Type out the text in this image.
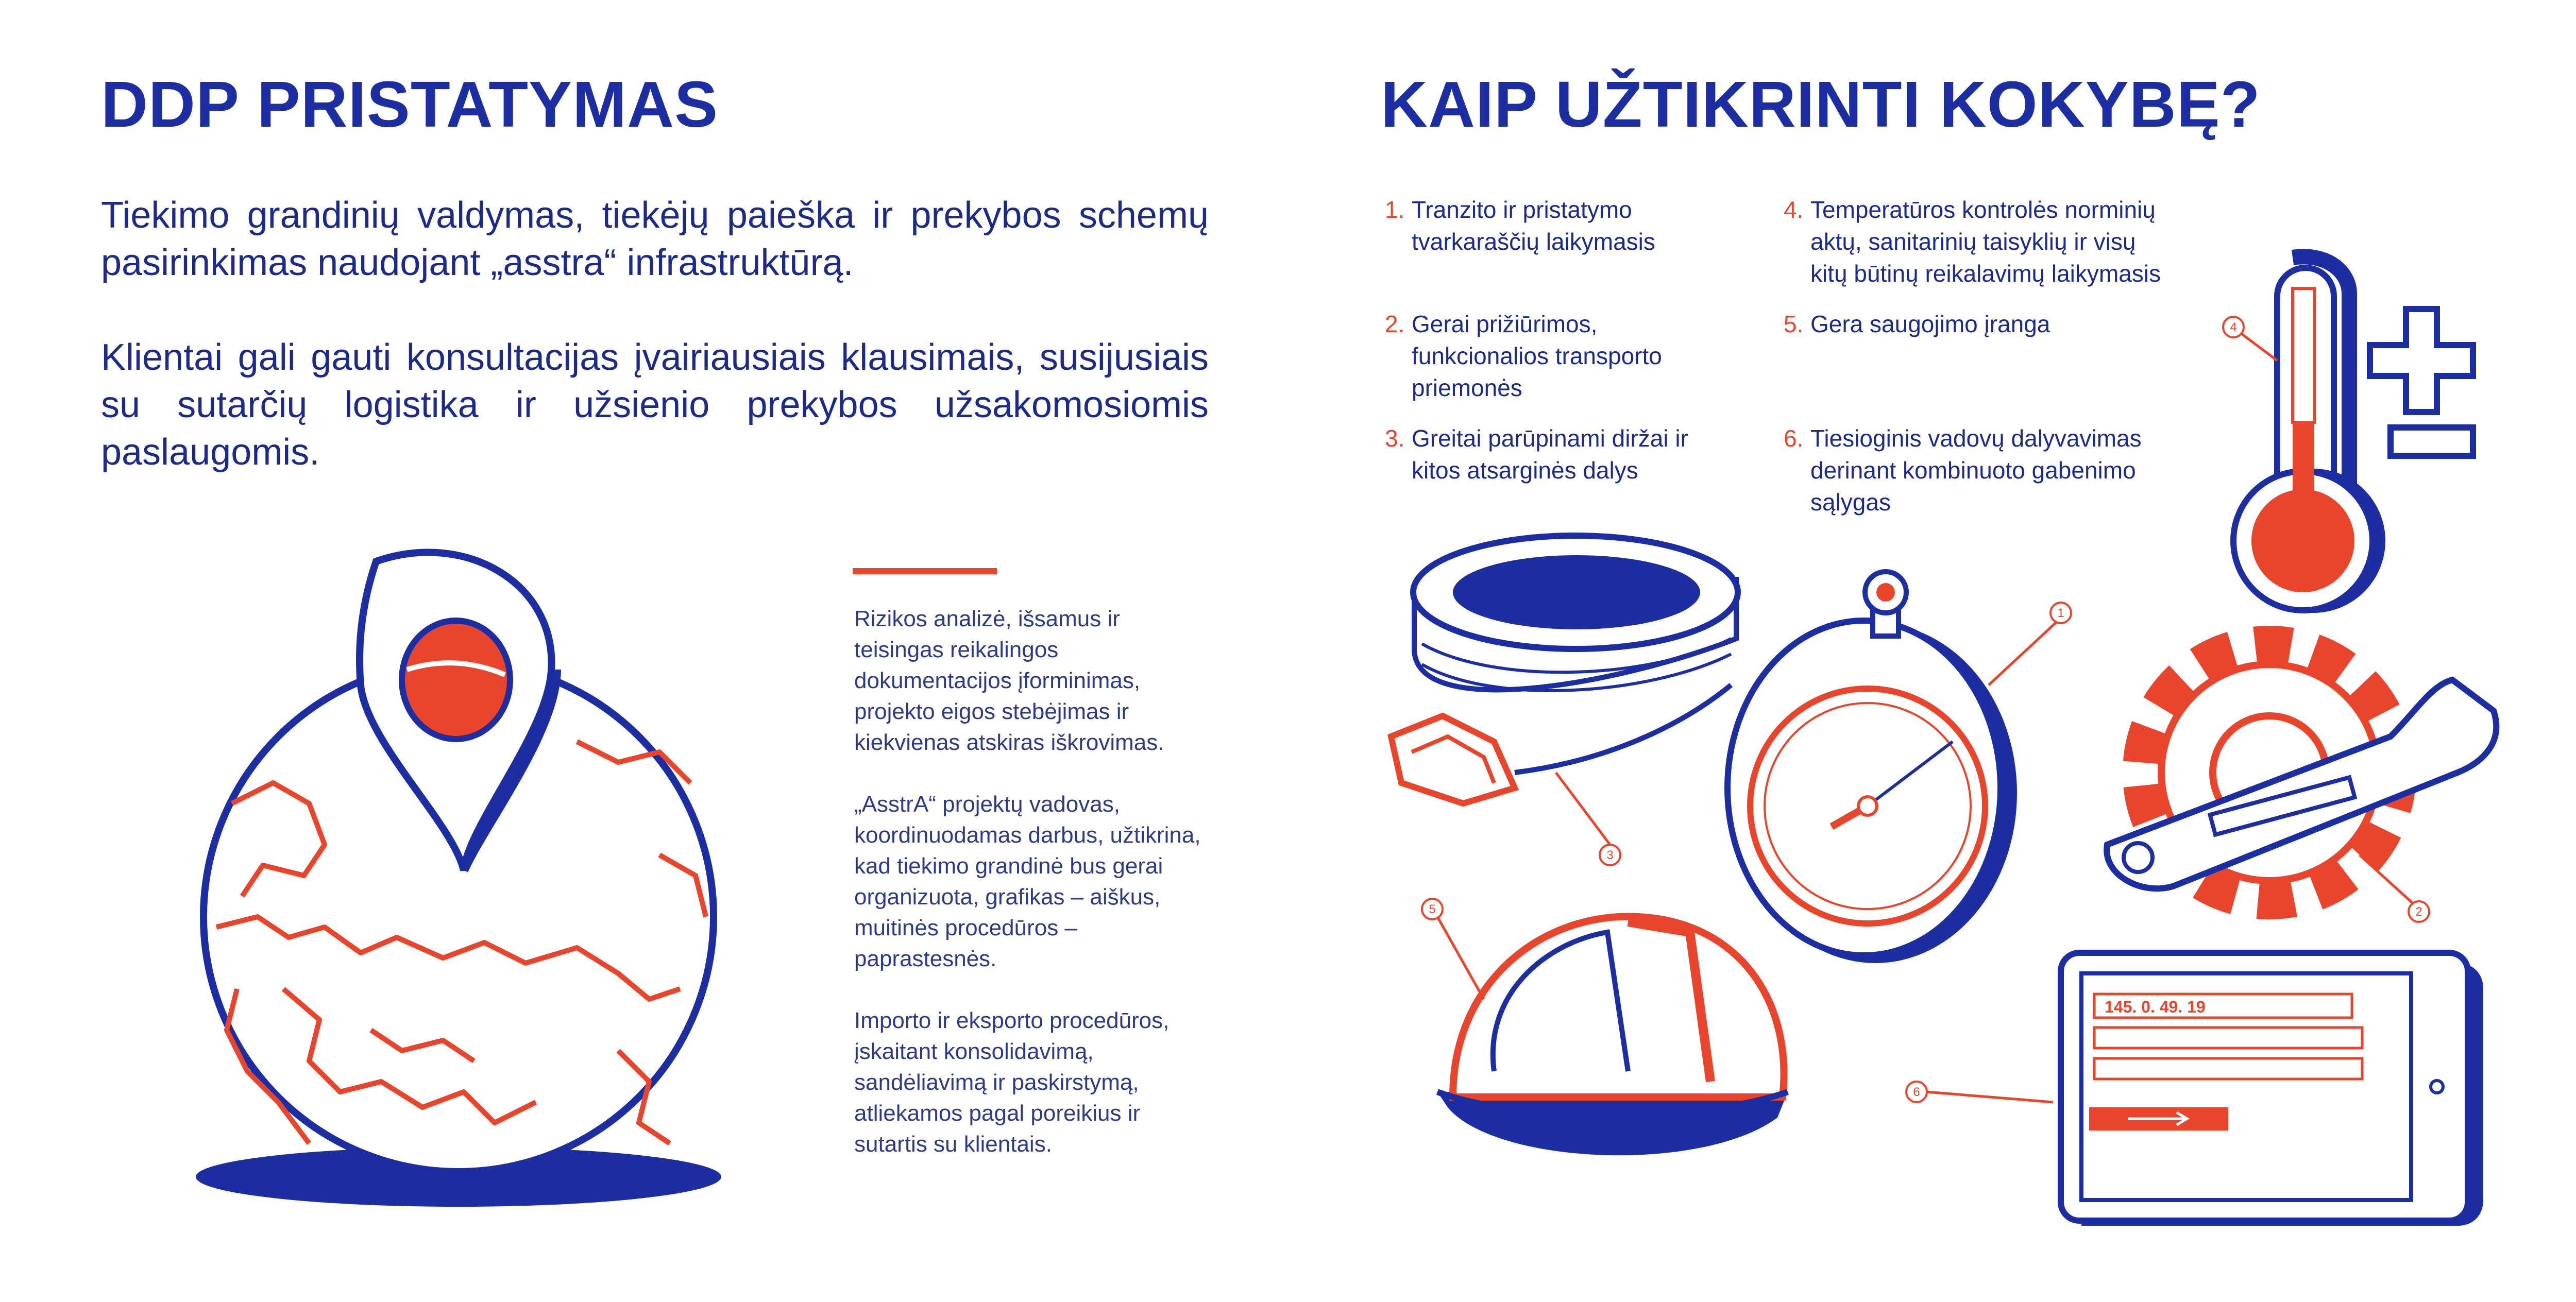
DDP PRISTATYMAS

Tiekimo grandinių valdymas, tiekėjų paieška ir prekybos schemų pasirinkimas naudojant „asstra“ infrastruktūrą.

Klientai gali gauti konsultacijas įvairiausiais klausimais, susijusiais su sutarčių logistika ir užsienio prekybos užsakomosiomis paslaugomis.

Rizikos analizė, išsamus ir teisingas reikalingos dokumentacijos įforminimas, projekto eigos stebėjimas ir kiekvienas atskiras iškrovimas.

„AsstrA“ projektų vadovas, koordinuodamas darbus, užtikrina, kad tiekimo grandinė bus gerai organizuota, grafikas – aiškus, muitinės procedūros – paprastesnės.

Importo ir eksporto procedūros, įskaitant konsolidavimą, sandėliavimą ir paskirstymą, atliekamos pagal poreikius ir sutartis su klientais.

KAIP UŽTIKRINTI KOKYBĘ?
1. Tranzito ir pristatymo
tvarkaraščių laikymasis
2. Gerai prižiūrimos,
funkcionalios transporto
priemonės
3. Greitai parūpinami diržai ir
kitos atsarginės dalys
4. Temperatūros kontrolės norminių
aktų, sanitarinių taisyklių ir visų
kitų būtinų reikalavimų laikymasis
5. Gera saugojimo įranga
6. Tiesioginis vadovų dalyvavimas
derinant kombinuoto gabenimo
sąlygas
145. 0. 49. 19
1
2
3
4
5
6
